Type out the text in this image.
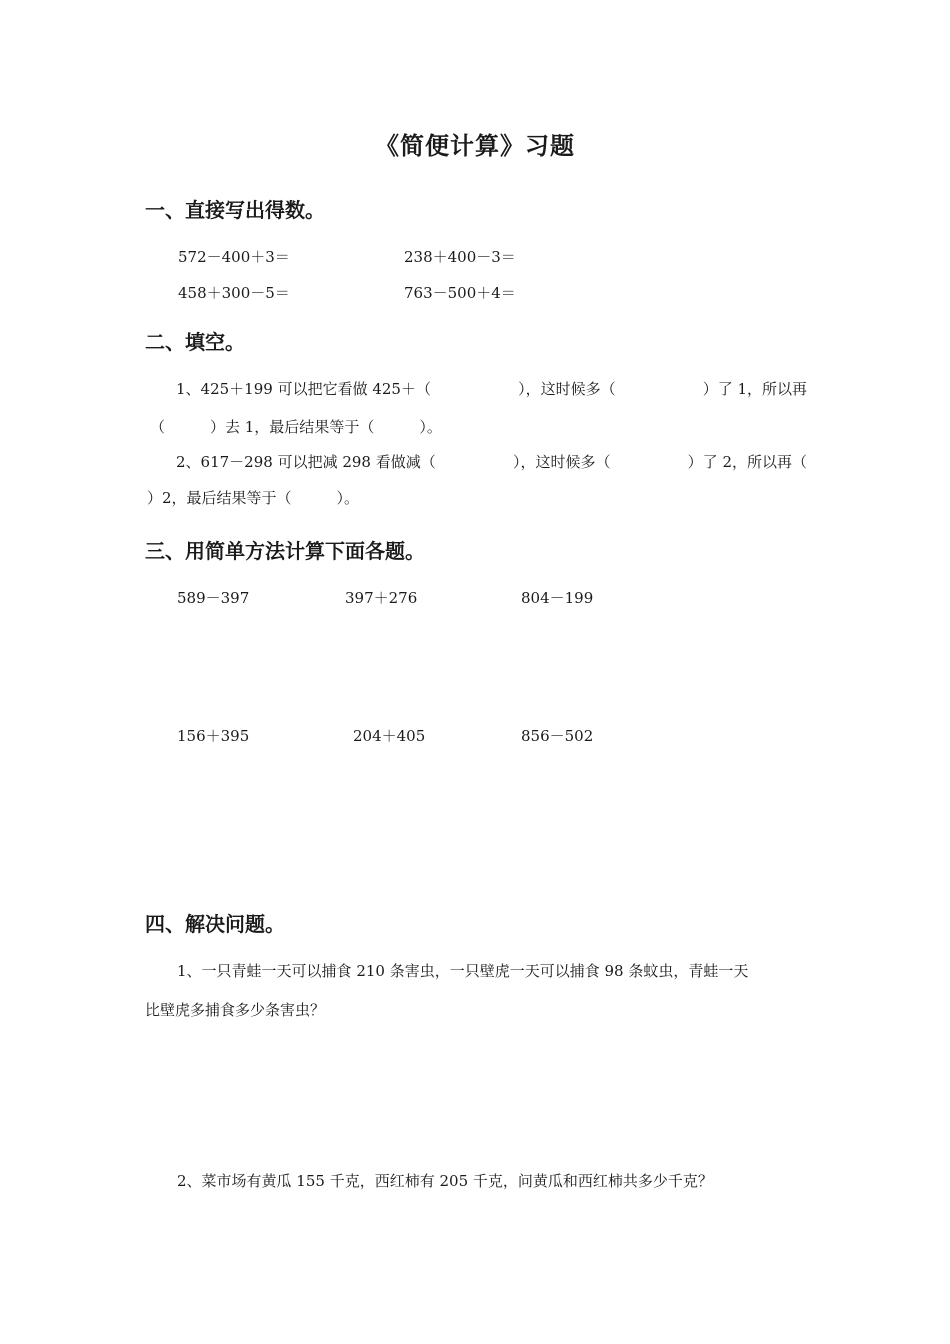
《简便计算》习题
一、直接写出得数。
572－400＋3＝	238＋400－3＝
458＋300－5＝	763－500＋4＝
二、填空。
1、425＋199 可以把它看做 425＋（	），这时候多（	）了 1，所以再
（　　　）去 1，最后结果等于（　　　）。
2、617－298 可以把减 298 看做减（	），这时候多（	）了 2，所以再（
）2，最后结果等于（　　　）。
三、用简单方法计算下面各题。
589－397	397＋276	804－199
156＋395	204＋405	856－502
四、解决问题。
1、一只青蛙一天可以捕食 210 条害虫，一只壁虎一天可以捕食 98 条蚊虫，青蛙一天
比壁虎多捕食多少条害虫？
2、菜市场有黄瓜 155 千克，西红柿有 205 千克，问黄瓜和西红柿共多少千克？
